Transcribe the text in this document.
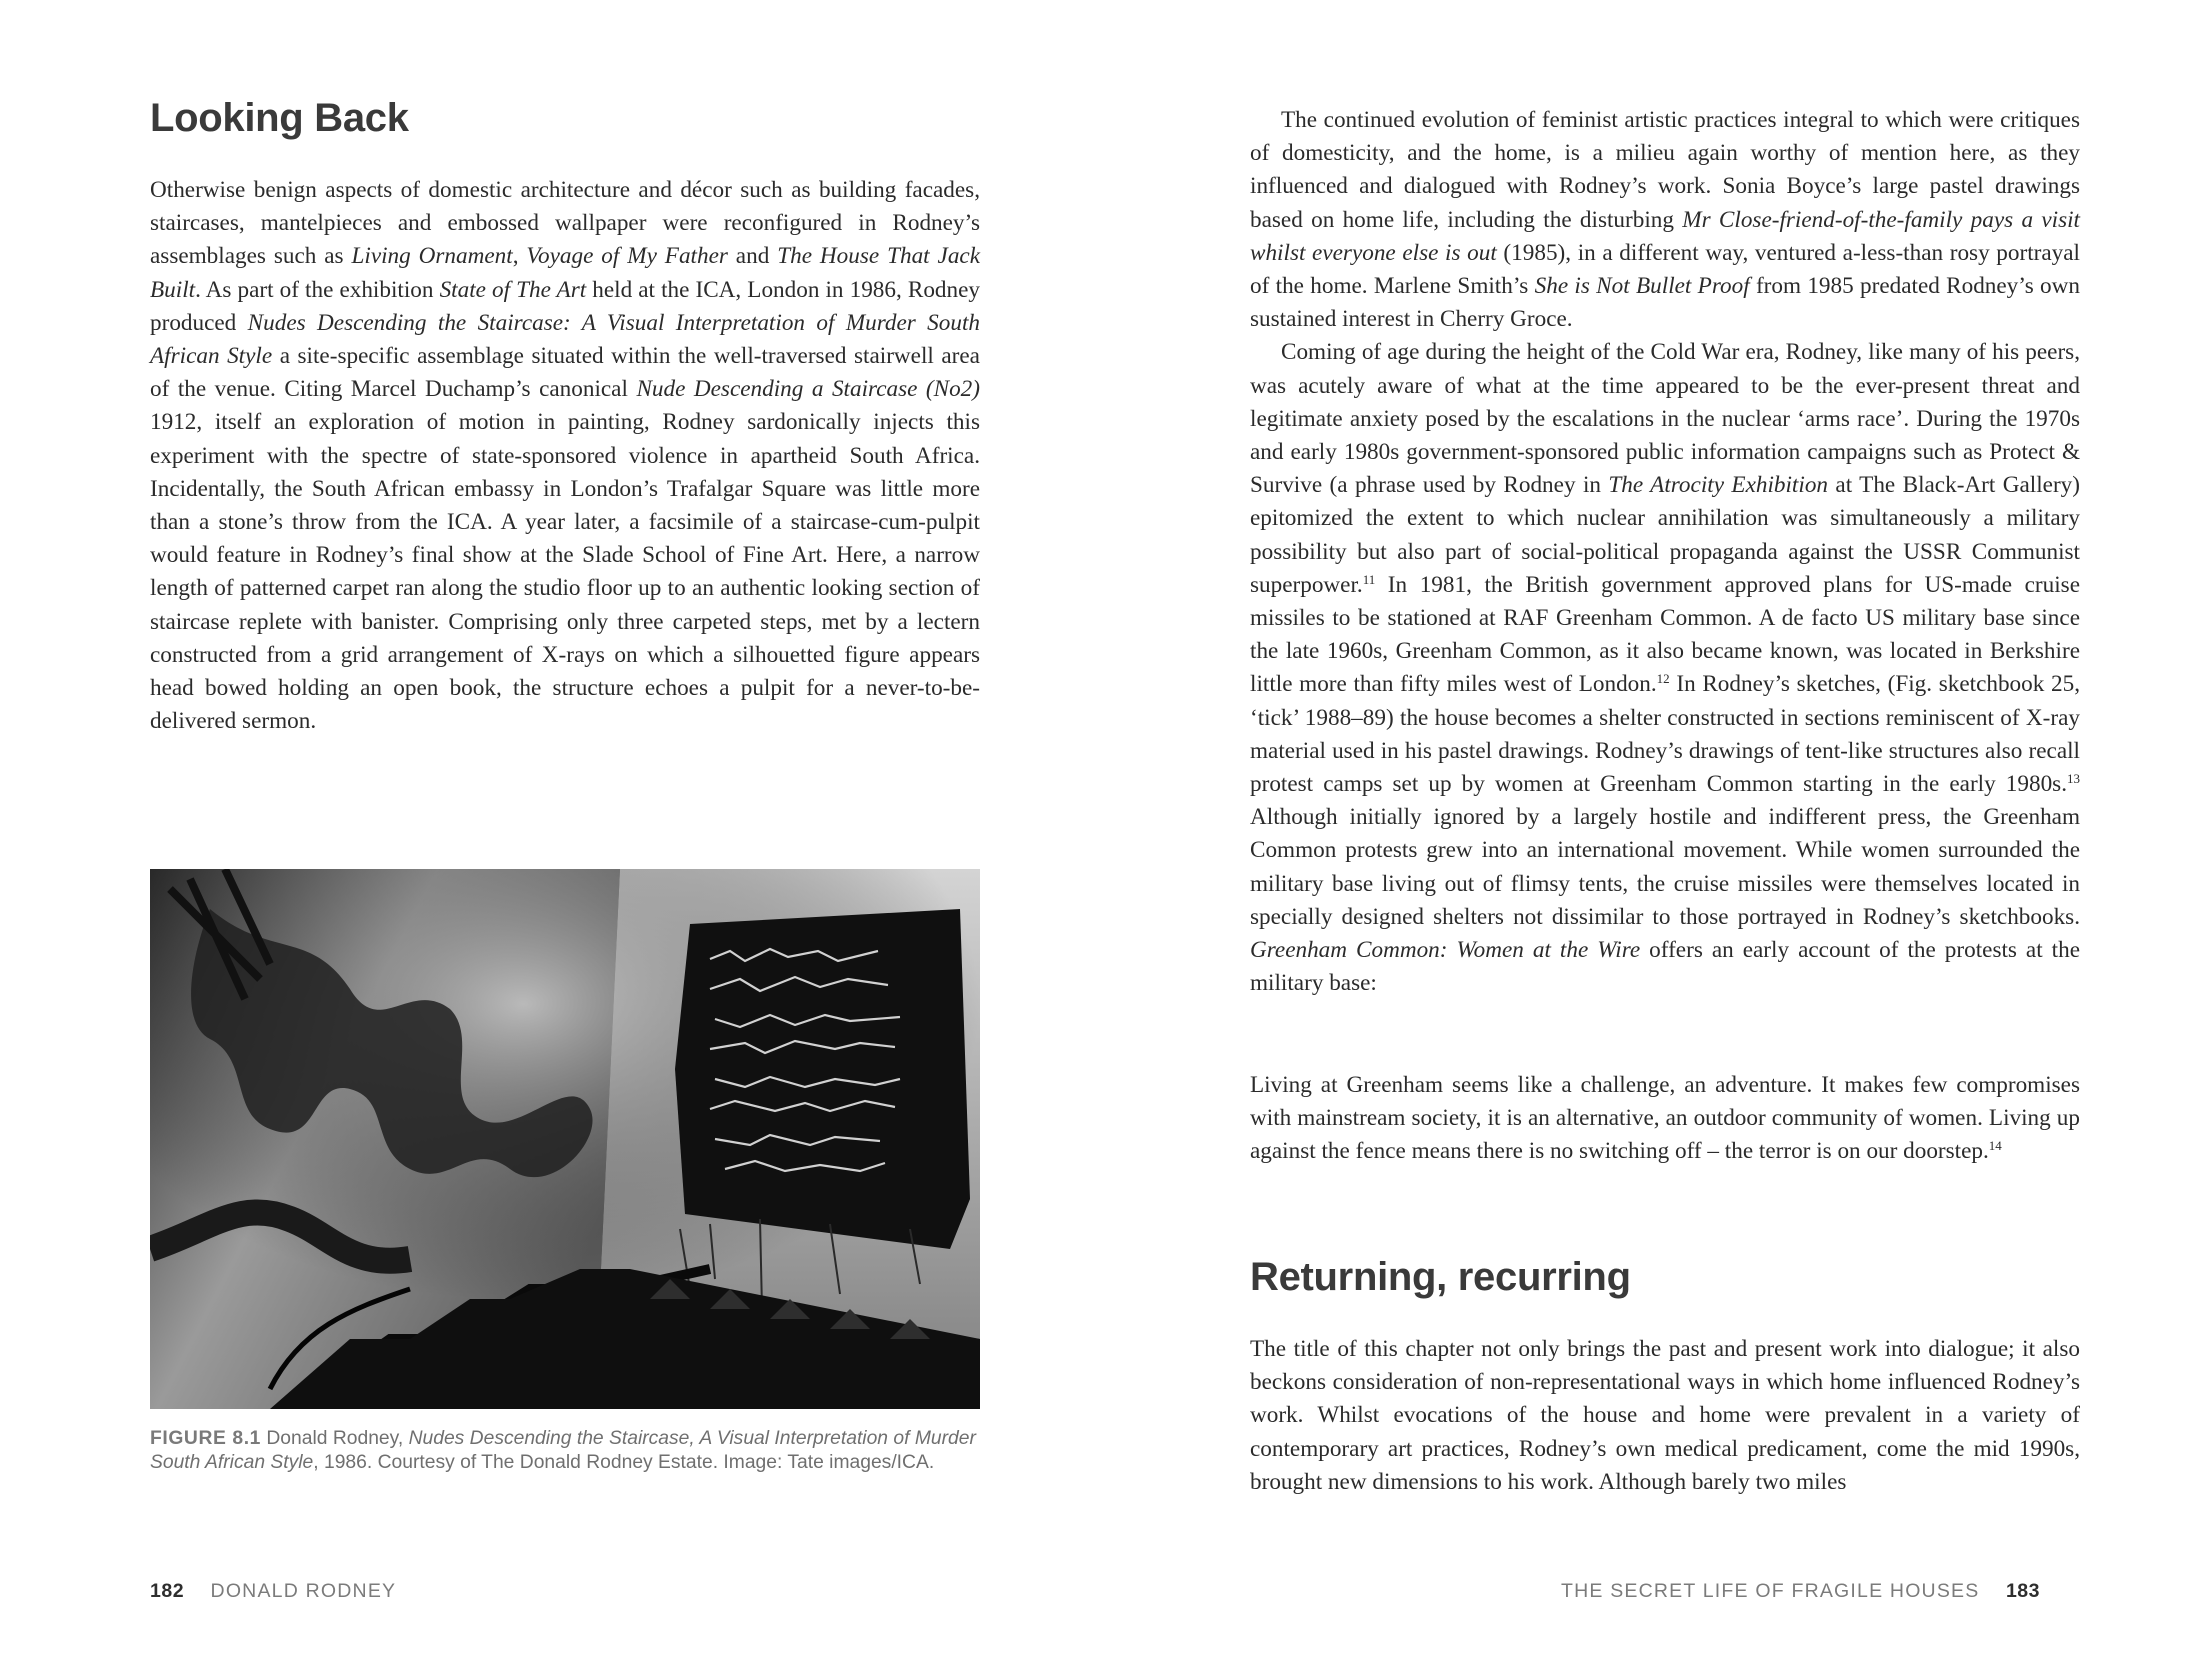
Looking Back

Otherwise benign aspects of domestic architecture and décor such as building facades, staircases, mantelpieces and embossed wallpaper were reconfigured in Rodney’s assemblages such as Living Ornament, Voyage of My Father and The House That Jack Built. As part of the exhibition State of The Art held at the ICA, London in 1986, Rodney produced Nudes Descending the Staircase: A Visual Interpretation of Murder South African Style a site-specific assemblage situated within the well-traversed stairwell area of the venue. Citing Marcel Duchamp’s canonical Nude Descending a Staircase (No2) 1912, itself an exploration of motion in painting, Rodney sardonically injects this experiment with the spectre of state-sponsored violence in apartheid South Africa. Incidentally, the South African embassy in London’s Trafalgar Square was little more than a stone’s throw from the ICA. A year later, a facsimile of a staircase-cum-pulpit would feature in Rodney’s final show at the Slade School of Fine Art. Here, a narrow length of patterned carpet ran along the studio floor up to an authentic looking section of staircase replete with banister. Comprising only three carpeted steps, met by a lectern constructed from a grid arrangement of X-rays on which a silhouetted figure appears head bowed holding an open book, the structure echoes a pulpit for a never-to-be-delivered sermon.

FIGURE 8.1 Donald Rodney, Nudes Descending the Staircase, A Visual Interpretation of Murder South African Style, 1986. Courtesy of The Donald Rodney Estate. Image: Tate images/ICA.
182 DONALD RODNEY

The continued evolution of feminist artistic practices integral to which were critiques of domesticity, and the home, is a milieu again worthy of mention here, as they influenced and dialogued with Rodney’s work. Sonia Boyce’s large pastel drawings based on home life, including the disturbing Mr Close-friend-of-the-family pays a visit whilst everyone else is out (1985), in a different way, ventured a-less-than rosy portrayal of the home. Marlene Smith’s She is Not Bullet Proof from 1985 predated Rodney’s own sustained interest in Cherry Groce.

Coming of age during the height of the Cold War era, Rodney, like many of his peers, was acutely aware of what at the time appeared to be the ever-present threat and legitimate anxiety posed by the escalations in the nuclear ‘arms race’. During the 1970s and early 1980s government-sponsored public information campaigns such as Protect & Survive (a phrase used by Rodney in The Atrocity Exhibition at The Black-Art Gallery) epitomized the extent to which nuclear annihilation was simultaneously a military possibility but also part of social-political propaganda against the USSR Communist superpower.$^{11}$ In 1981, the British government approved plans for US-made cruise missiles to be stationed at RAF Greenham Common. A de facto US military base since the late 1960s, Greenham Common, as it also became known, was located in Berkshire little more than fifty miles west of London.$^{12}$ In Rodney’s sketches, (Fig. sketchbook 25, ‘tick’ 1988–89) the house becomes a shelter constructed in sections reminiscent of X-ray material used in his pastel drawings. Rodney’s drawings of tent-like structures also recall protest camps set up by women at Greenham Common starting in the early 1980s.$^{13}$ Although initially ignored by a largely hostile and indifferent press, the Greenham Common protests grew into an international movement. While women surrounded the military base living out of flimsy tents, the cruise missiles were themselves located in specially designed shelters not dissimilar to those portrayed in Rodney’s sketchbooks. Greenham Common: Women at the Wire offers an early account of the protests at the military base:

Living at Greenham seems like a challenge, an adventure. It makes few compromises with mainstream society, it is an alternative, an outdoor community of women. Living up against the fence means there is no switching off – the terror is on our doorstep.$^{14}$

Returning, recurring

The title of this chapter not only brings the past and present work into dialogue; it also beckons consideration of non-representational ways in which home influenced Rodney’s work. Whilst evocations of the house and home were prevalent in a variety of contemporary art practices, Rodney’s own medical predicament, come the mid 1990s, brought new dimensions to his work. Although barely two miles

THE SECRET LIFE OF FRAGILE HOUSES 183
